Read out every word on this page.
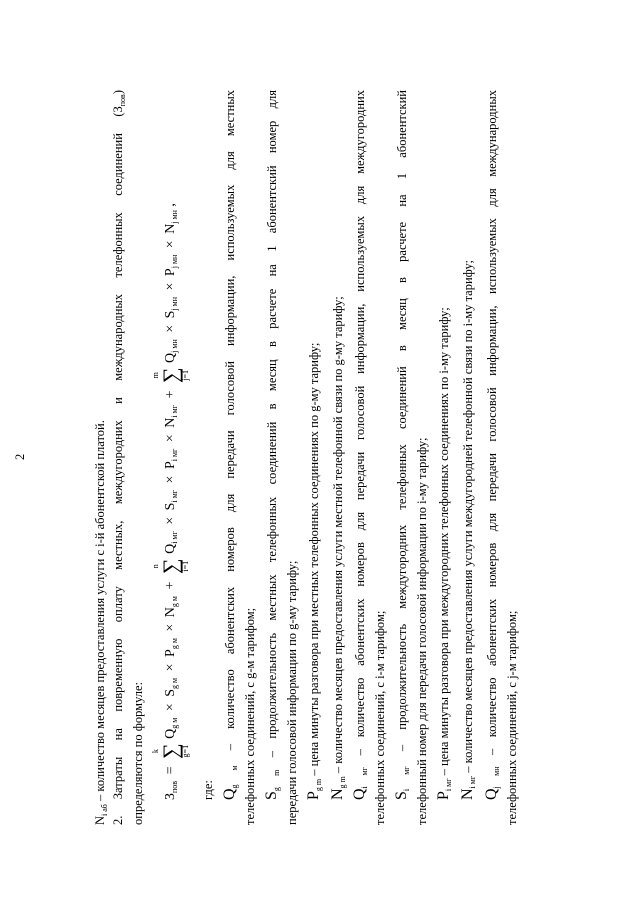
2
$N_{i аб}$ – количество месяцев предоставления услуги с i-й абонентской платой. 2. Затраты на повременную оплату местных, междугородних и международных телефонных соединений $(З_{пов})$
определяются по формуле:	$З_{пов}$ =
k
∑
g=1
$Q_{g м} \times S_{g м} \times P_{g м} \times N_{g м}$ +
n
∑
i=1
$Q_{i мг} \times S_{i мг} \times P_{i мг} \times N_{i мг}$ +
m
∑
j=1
$Q_{j мн} \times S_{j мн} \times P_{j мн} \times N_{j мн}$ ,
где: $Q_{g м}$ – количество абонентских номеров для передачи голосовой информации, используемых для местных телефонных соединений, с g-м тарифом; $S_{g m}$ – продолжительность местных телефонных соединений в месяц в расчете на 1 абонентский номер для передачи голосовой информации по g-му тарифу; $P_{g m}$ – цена минуты разговора при местных телефонных соединениях по g-му тарифу;
$N_{g m}$ – количество месяцев предоставления услуги местной телефонной связи по g-му тарифу;
$Q_{i мг}$ – количество абонентских номеров для передачи голосовой информации, используемых для междугородних телефонных соединений, с i-м тарифом; $S_{i мг}$ – продолжительность междугородних телефонных соединений в месяц в расчете на 1 абонентский телефонный номер для передачи голосовой информации по i-му тарифу; $P_{i мг}$ – цена минуты разговора при междугородних телефонных соединениях по i-му тарифу;
$N_{i мг}$ – количество месяцев предоставления услуги междугородней телефонной связи по i-му тарифу;
$Q_{j мн}$ – количество абонентских номеров для передачи голосовой информации, используемых для международных телефонных соединений, с j-м тарифом;
